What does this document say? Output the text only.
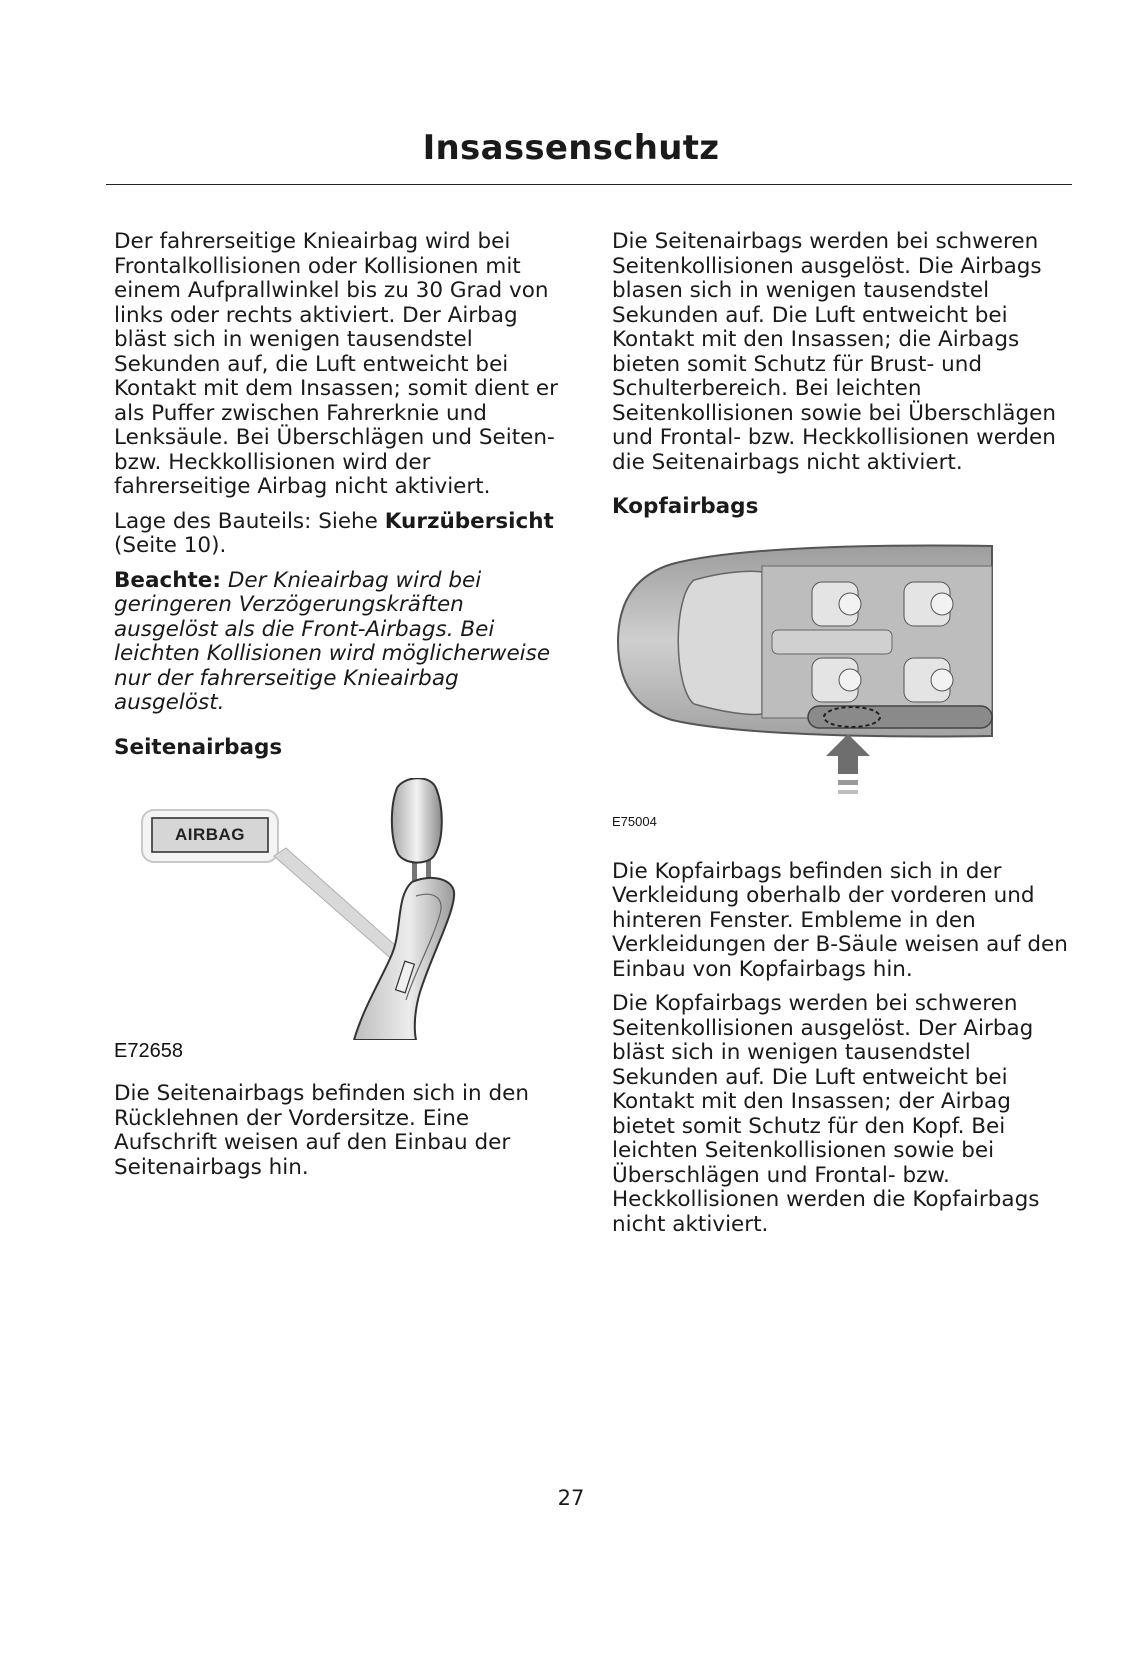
Insassenschutz

Der fahrerseitige Knieairbag wird bei Frontalkollisionen oder Kollisionen mit einem Aufprallwinkel bis zu 30 Grad von links oder rechts aktiviert. Der Airbag bläst sich in wenigen tausendstel Sekunden auf, die Luft entweicht bei Kontakt mit dem Insassen; somit dient er als Puffer zwischen Fahrerknie und Lenksäule. Bei Überschlägen und Seiten- bzw. Heckkollisionen wird der fahrerseitige Airbag nicht aktiviert.

Lage des Bauteils: Siehe Kurzübersicht (Seite 10).

Beachte: Der Knieairbag wird bei geringeren Verzögerungskräften ausgelöst als die Front-Airbags. Bei leichten Kollisionen wird möglicherweise nur der fahrerseitige Knieairbag ausgelöst.

Seitenairbags
AIRBAG
E72658

Die Seitenairbags befinden sich in den Rücklehnen der Vordersitze. Eine Aufschrift weisen auf den Einbau der Seitenairbags hin.

Die Seitenairbags werden bei schweren Seitenkollisionen ausgelöst. Die Airbags blasen sich in wenigen tausendstel Sekunden auf. Die Luft entweicht bei Kontakt mit den Insassen; die Airbags bieten somit Schutz für Brust- und Schulterbereich. Bei leichten Seitenkollisionen sowie bei Überschlägen und Frontal- bzw. Heckkollisionen werden die Seitenairbags nicht aktiviert.

Kopfairbags
E75004

Die Kopfairbags befinden sich in der Verkleidung oberhalb der vorderen und hinteren Fenster. Embleme in den Verkleidungen der B-Säule weisen auf den Einbau von Kopfairbags hin.

Die Kopfairbags werden bei schweren Seitenkollisionen ausgelöst. Der Airbag bläst sich in wenigen tausendstel Sekunden auf. Die Luft entweicht bei Kontakt mit den Insassen; der Airbag bietet somit Schutz für den Kopf. Bei leichten Seitenkollisionen sowie bei Überschlägen und Frontal- bzw. Heckkollisionen werden die Kopfairbags nicht aktiviert.

27
